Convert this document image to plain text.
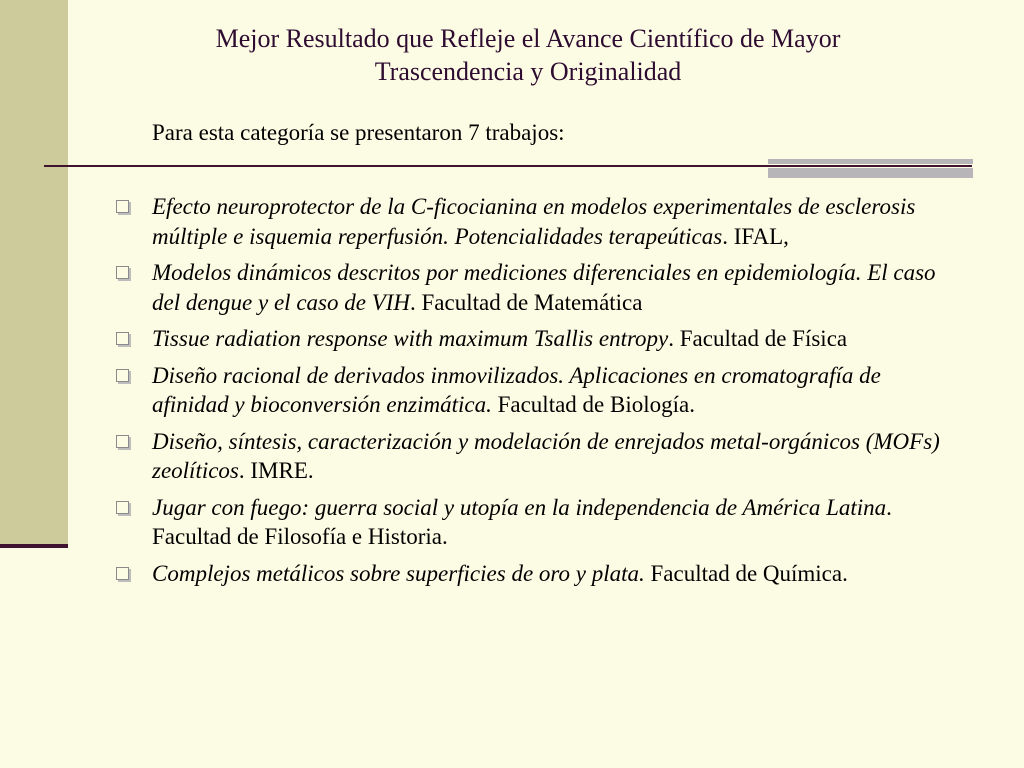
Mejor Resultado que Refleje el Avance Científico de Mayor
Trascendencia y Originalidad
Para esta categoría se presentaron 7 trabajos:
Efecto neuroprotector de la C-ficocianina en modelos experimentales de esclerosis múltiple e isquemia reperfusión. Potencialidades terapeúticas. IFAL,
Modelos dinámicos descritos por mediciones diferenciales en epidemiología. El caso del dengue y el caso de VIH. Facultad de Matemática
Tissue radiation response with maximum Tsallis entropy. Facultad de Física
Diseño racional de derivados inmovilizados. Aplicaciones en cromatografía de afinidad y bioconversión enzimática. Facultad de Biología.
Diseño, síntesis, caracterización y modelación de enrejados metal-orgánicos (MOFs) zeolíticos. IMRE.
Jugar con fuego: guerra social y utopía en la independencia de América Latina. Facultad de Filosofía e Historia.
Complejos metálicos sobre superficies de oro y plata. Facultad de Química.
